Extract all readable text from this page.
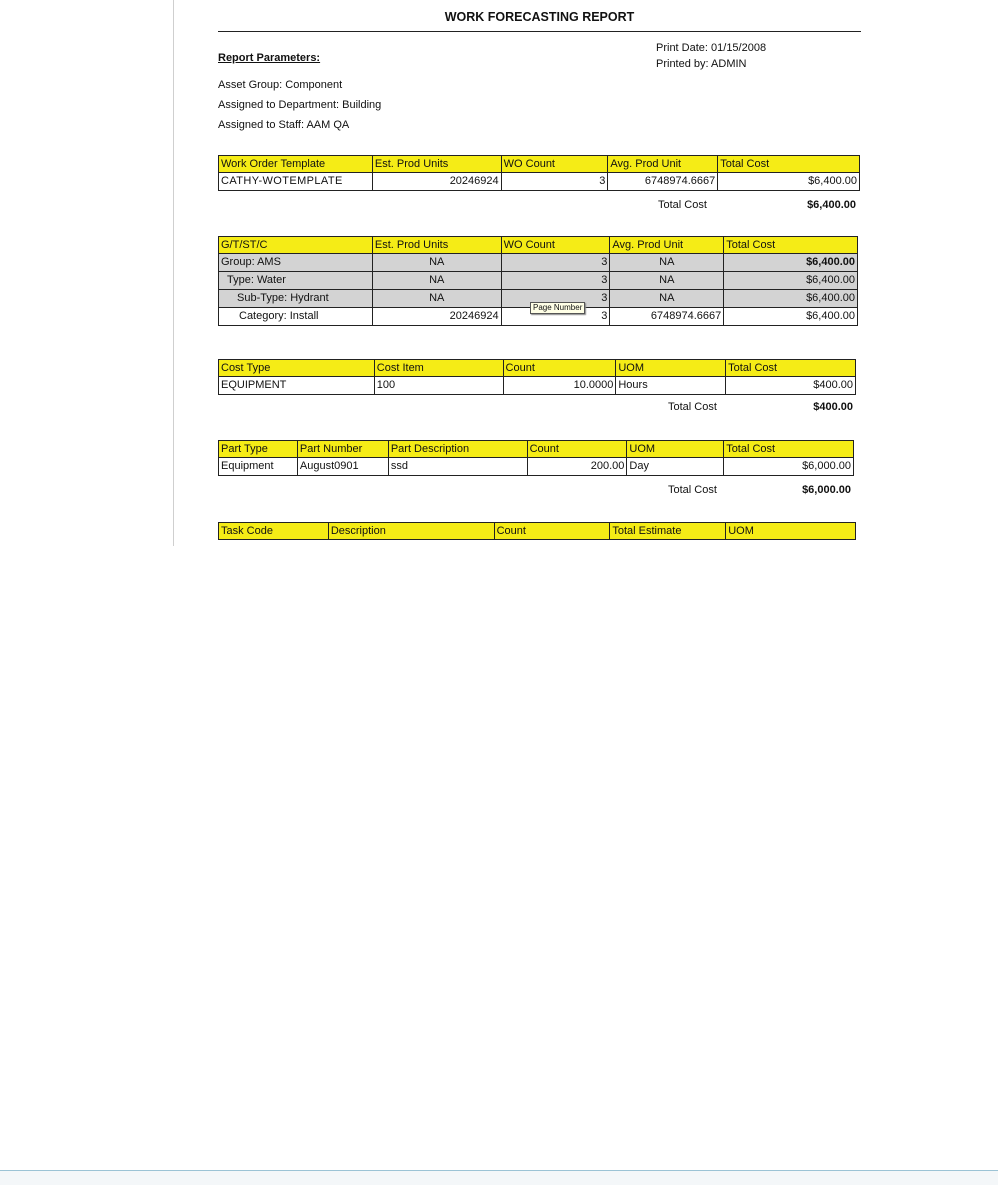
WORK FORECASTING REPORT
Report Parameters:
Asset Group: Component
Assigned to Department: Building
Assigned to Staff: AAM QA
Print Date: 01/15/2008
Printed by: ADMIN
Work Order Template	Est. Prod Units	WO Count	Avg. Prod Unit	Total Cost
CATHY-WOTEMPLATE	20246924	3	6748974.6667	$6,400.00
Total Cost	$6,400.00
G/T/ST/C	Est. Prod Units	WO Count	Avg. Prod Unit	Total Cost
Group: AMS	NA	3	NA	$6,400.00
Type: Water	NA	3	NA	$6,400.00
Sub-Type: Hydrant	NA	3	NA	$6,400.00
Category: Install	20246924	3	6748974.6667	$6,400.00
Page Number
Cost Type	Cost Item	Count	UOM	Total Cost
EQUIPMENT	100	10.0000	Hours	$400.00
Total Cost	$400.00
Part Type	Part Number	Part Description	Count	UOM	Total Cost
Equipment	August0901	ssd	200.00	Day	$6,000.00
Total Cost	$6,000.00
Task Code	Description	Count	Total Estimate	UOM
